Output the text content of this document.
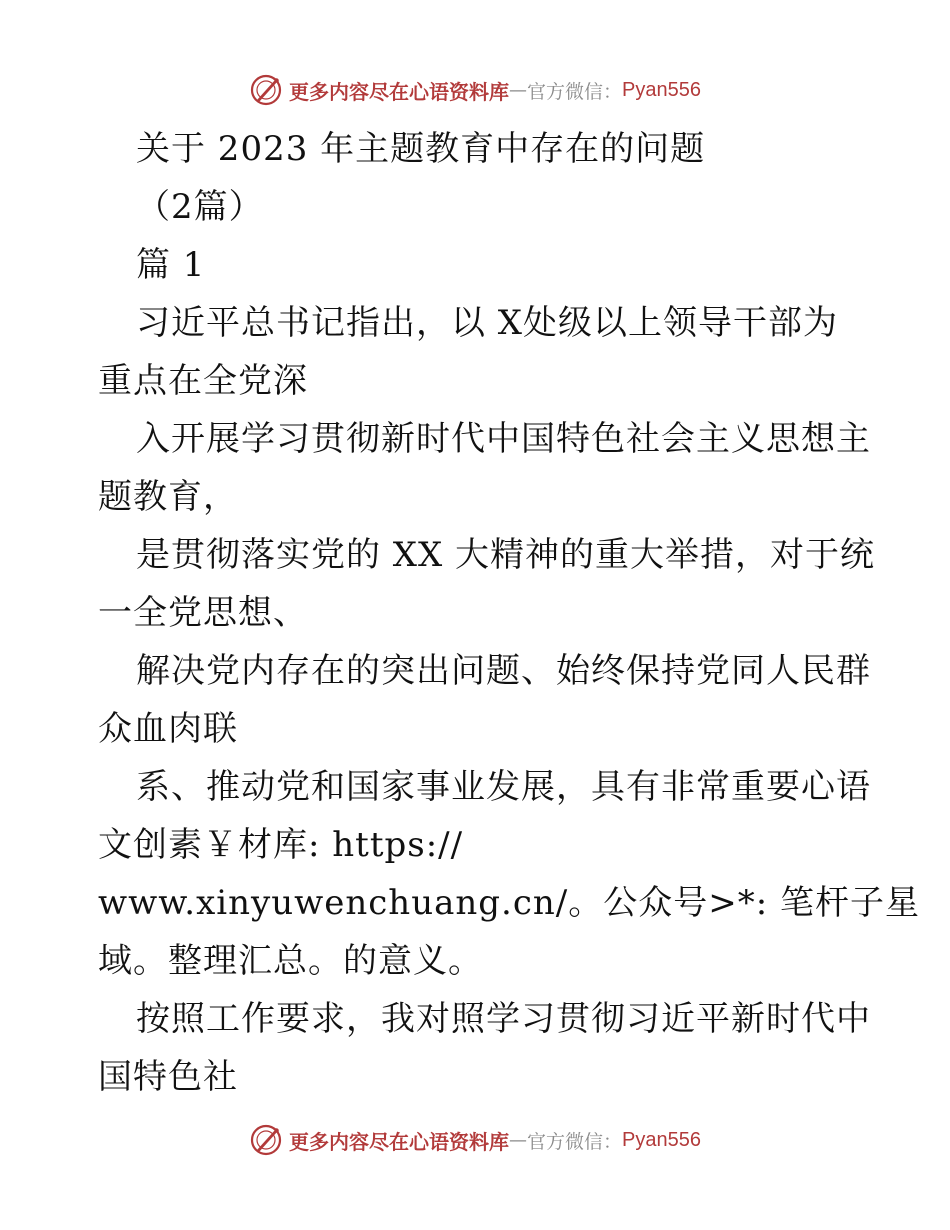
更多内容尽在心语资料库 — 官方微信： Pyan556
关于 2023 年主题教育中存在的问题
（2篇）
篇 1
习近平总书记指出，以 X处级以上领导干部为
重点在全党深
入开展学习贯彻新时代中国特色社会主义思想主
题教育，
是贯彻落实党的 XX 大精神的重大举措，对于统
一全党思想、
解决党内存在的突出问题、始终保持党同人民群
众血肉联
系、推动党和国家事业发展，具有非常重要心语
文创素￥材库: https://
www.xinyuwenchuang.cn/。公众号>*: 笔杆子星
域。整理汇总。的意义。
按照工作要求，我对照学习贯彻习近平新时代中
国特色社
更多内容尽在心语资料库 — 官方微信： Pyan556
